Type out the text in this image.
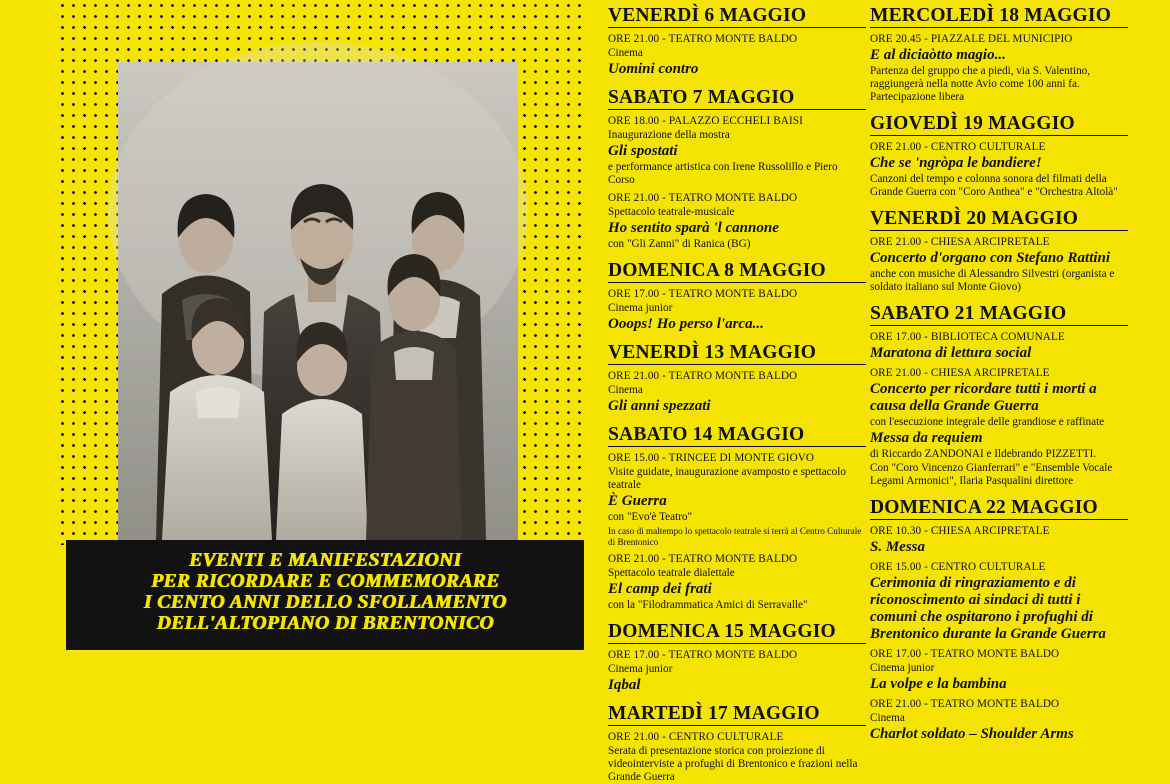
EVENTI E MANIFESTAZIONI

PER RICORDARE E COMMEMORARE

I CENTO ANNI DELLO SFOLLAMENTO

DELL'ALTOPIANO DI BRENTONICO

VENERDÌ 6 MAGGIO

ORE 21.00 - TEATRO MONTE BALDO

Cinema

Uomini contro

SABATO 7 MAGGIO

ORE 18.00 - PALAZZO ECCHELI BAISI

Inaugurazione della mostra

Gli spostati

e performance artistica con Irene Russolillo e Piero Corso

ORE 21.00 - TEATRO MONTE BALDO

Spettacolo teatrale-musicale

Ho sentito sparà 'l cannone

con "Gli Zanni" di Ranica (BG)

DOMENICA 8 MAGGIO

ORE 17.00 - TEATRO MONTE BALDO

Cinema junior

Ooops! Ho perso l'arca...

VENERDÌ 13 MAGGIO

ORE 21.00 - TEATRO MONTE BALDO

Cinema

Gli anni spezzati

SABATO 14 MAGGIO

ORE 15.00 - TRINCEE DI MONTE GIOVO

Visite guidate, inaugurazione avamposto e spettacolo teatrale

È Guerra

con "Evo'è Teatro"

In caso di maltempo lo spettacolo teatrale si terrà al Centro Culturale di Brentonico

ORE 21.00 - TEATRO MONTE BALDO

Spettacolo teatrale dialettale

El camp dei frati

con la "Filodrammatica Amici di Serravalle"

DOMENICA 15 MAGGIO

ORE 17.00 - TEATRO MONTE BALDO

Cinema junior

Iqbal

MARTEDÌ 17 MAGGIO

ORE 21.00 - CENTRO CULTURALE

Serata di presentazione storica con proiezione di videointerviste a profughi di Brentonico e frazioni nella Grande Guerra

MERCOLEDÌ 18 MAGGIO

ORE 20.45 - PIAZZALE DEL MUNICIPIO

E al diciaòtto magio...

Partenza del gruppo che a piedi, via S. Valentino, raggiungerà nella notte Avio come 100 anni fa. Partecipazione libera

GIOVEDÌ 19 MAGGIO

ORE 21.00 - CENTRO CULTURALE

Che se 'ngròpa le bandiere!

Canzoni del tempo e colonna sonora del filmati della Grande Guerra con "Coro Anthea" e "Orchestra Altolà"

VENERDÌ 20 MAGGIO

ORE 21.00 - CHIESA ARCIPRETALE

Concerto d'organo con Stefano Rattini

anche con musiche di Alessandro Silvestri (organista e soldato italiano sul Monte Giovo)

SABATO 21 MAGGIO

ORE 17.00 - BIBLIOTECA COMUNALE

Maratona di lettura social

ORE 21.00 - CHIESA ARCIPRETALE

Concerto per ricordare tutti i morti a causa della Grande Guerra

con l'esecuzione integrale delle grandiose e raffinate

Messa da requiem

di Riccardo ZANDONAI e Ildebrando PIZZETTI.

Con "Coro Vincenzo Gianferrari" e "Ensemble Vocale Legami Armonici", Ilaria Pasqualini direttore

DOMENICA 22 MAGGIO

ORE 10.30 - CHIESA ARCIPRETALE

S. Messa

ORE 15.00 - CENTRO CULTURALE

Cerimonia di ringraziamento e di riconoscimento ai sindaci di tutti i comuni che ospitarono i profughi di Brentonico durante la Grande Guerra

ORE 17.00 - TEATRO MONTE BALDO

Cinema junior

La volpe e la bambina

ORE 21.00 - TEATRO MONTE BALDO

Cinema

Charlot soldato – Shoulder Arms
